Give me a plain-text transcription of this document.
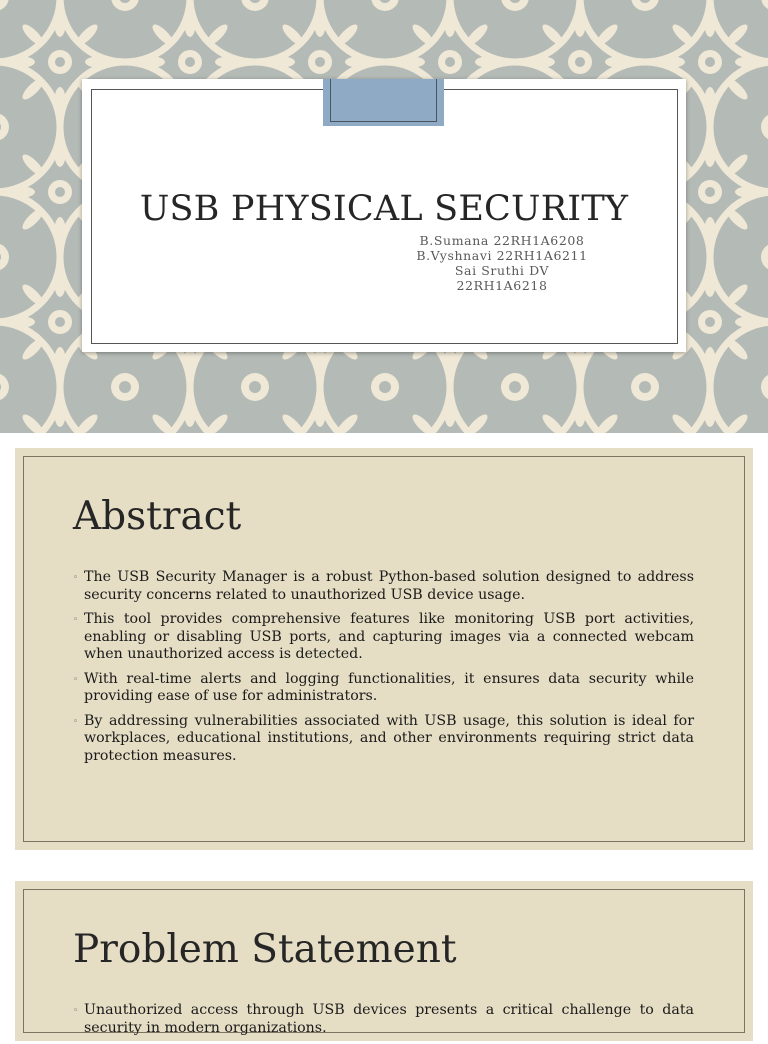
USB PHYSICAL SECURITY
B.Sumana 22RH1A6208
B.Vyshnavi 22RH1A6211
Sai Sruthi DV
22RH1A6218
Abstract
◦ The USB Security Manager is a robust Python-based solution designed to address security concerns related to unauthorized USB device usage.
◦ This tool provides comprehensive features like monitoring USB port activities, enabling or disabling USB ports, and capturing images via a connected webcam when unauthorized access is detected.
◦ With real-time alerts and logging functionalities, it ensures data security while providing ease of use for administrators.
◦ By addressing vulnerabilities associated with USB usage, this solution is ideal for workplaces, educational institutions, and other environments requiring strict data protection measures.
Problem Statement
◦ Unauthorized access through USB devices presents a critical challenge to data security in modern organizations.
